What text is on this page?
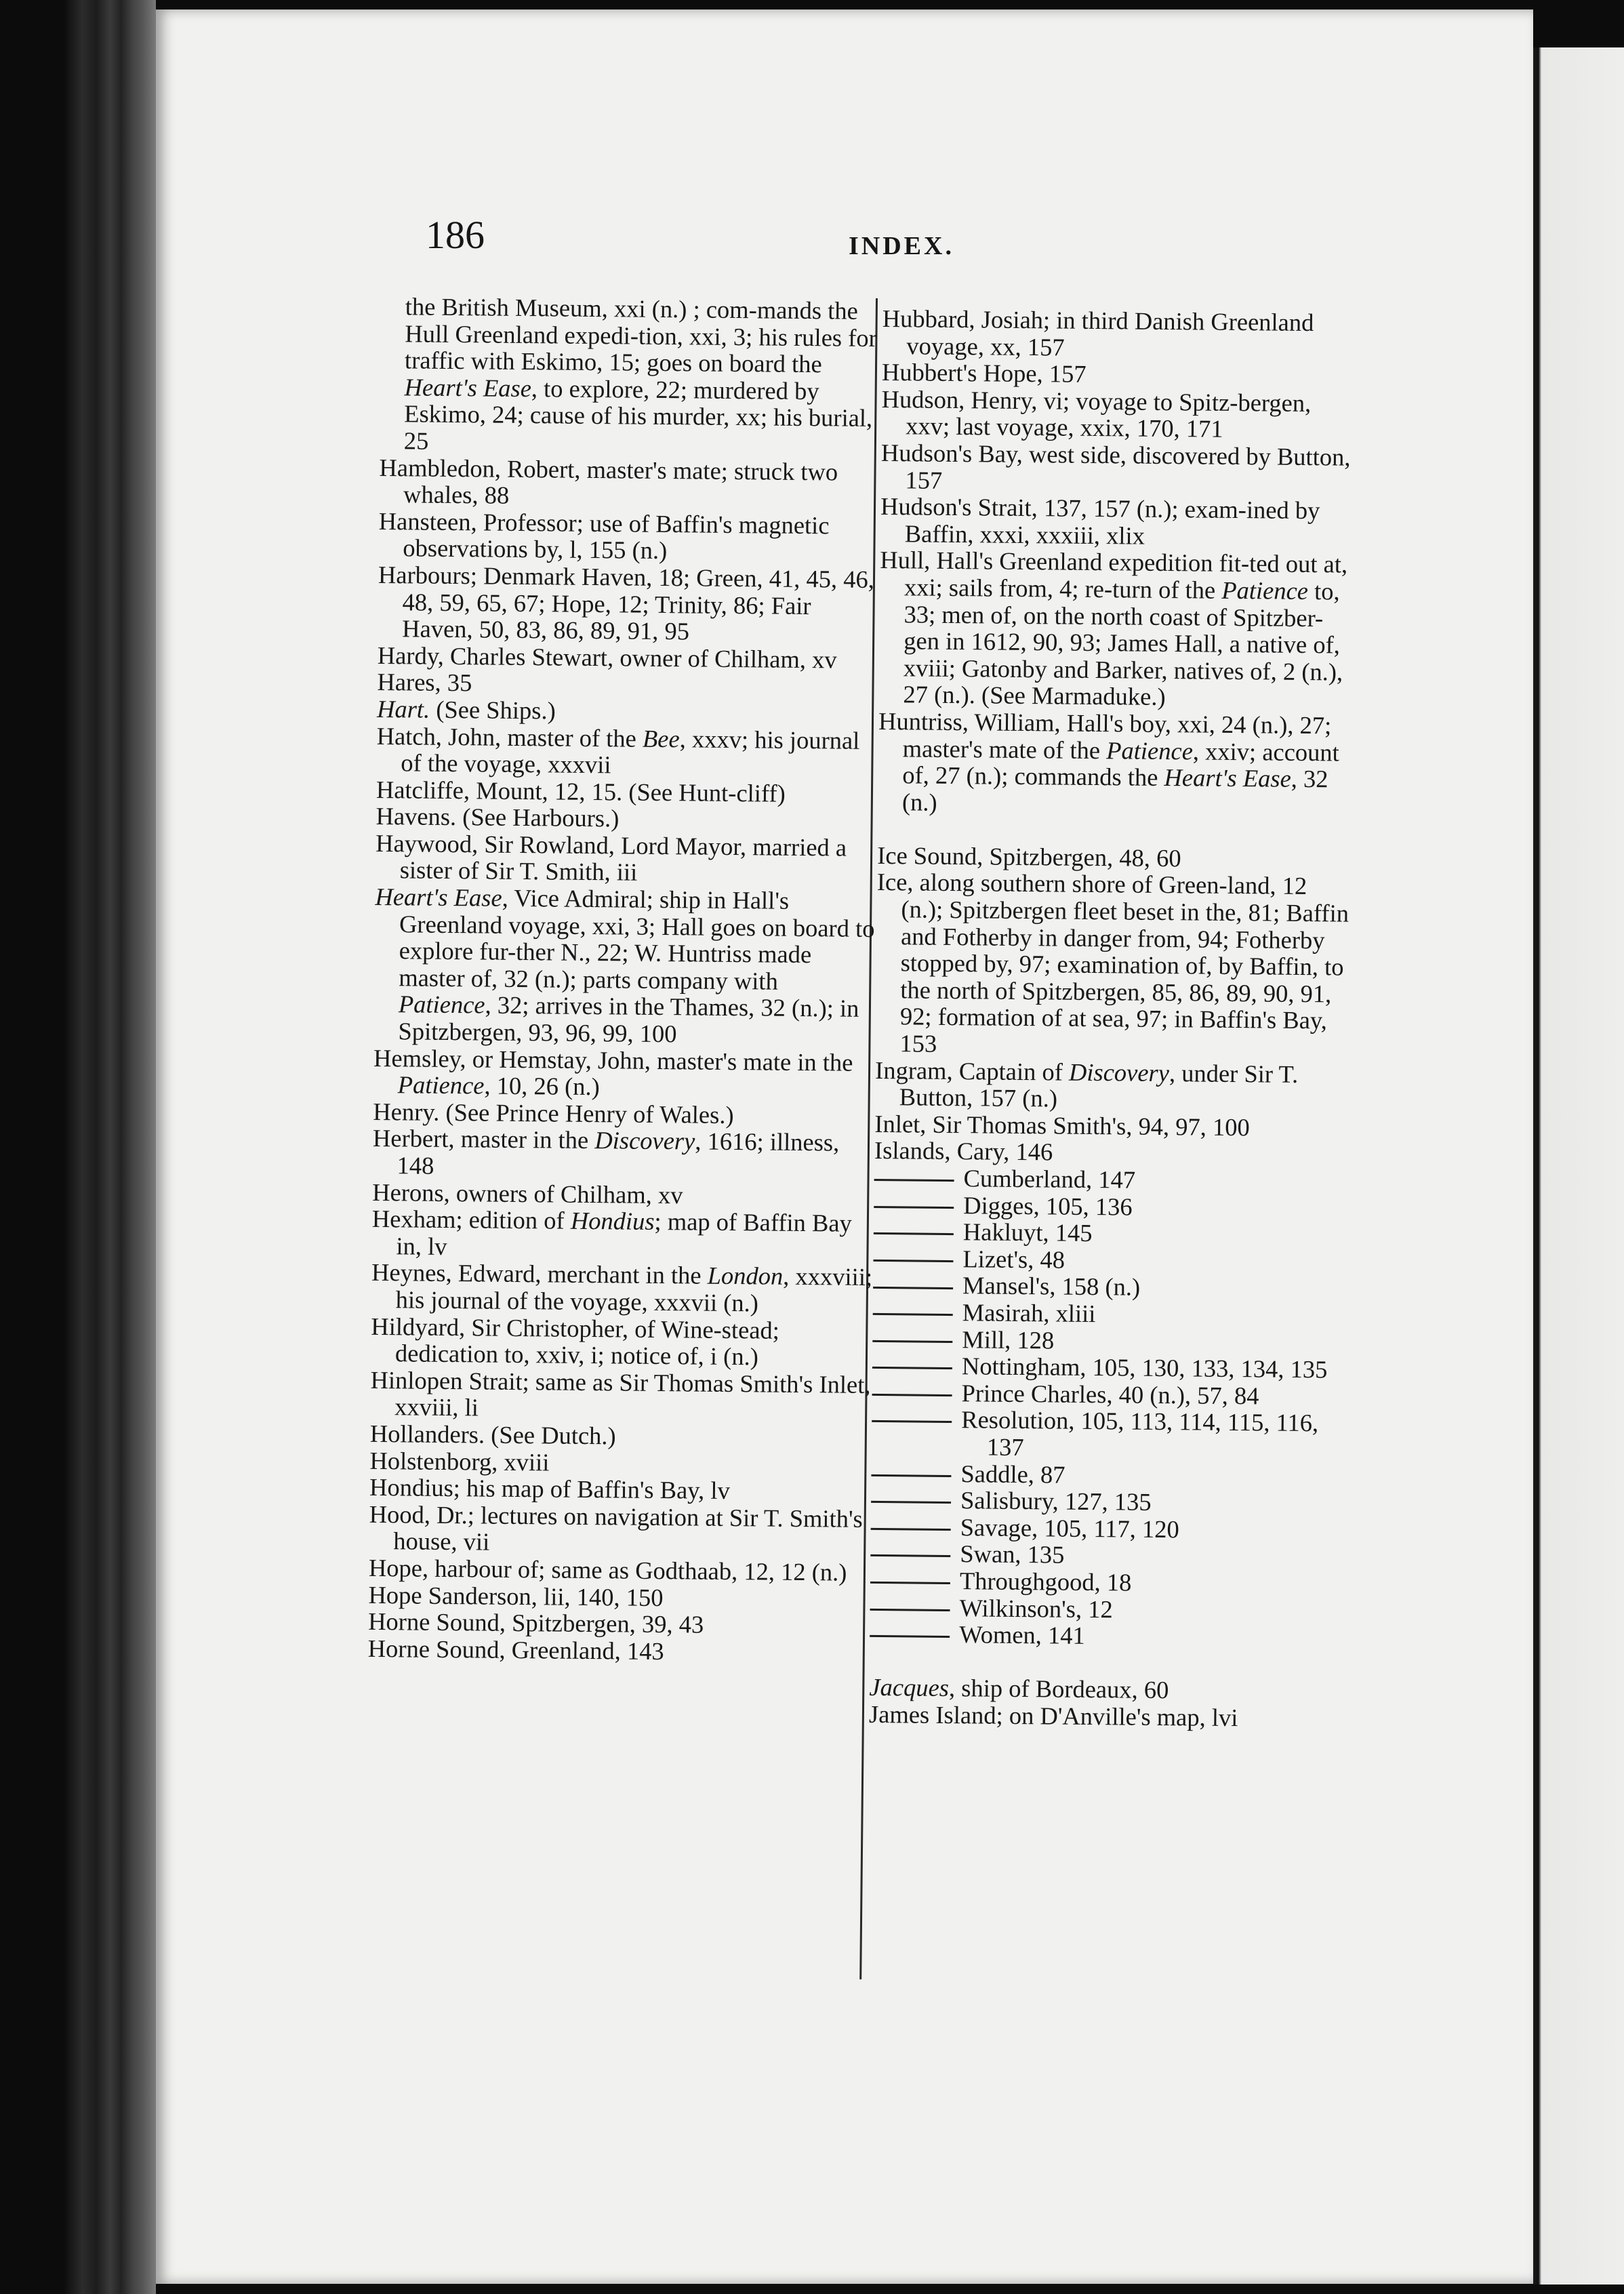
186	INDEX.
the British Museum, xxi (n.) ; com-mands the Hull Greenland expedi-tion, xxi, 3; his rules for traffic with Eskimo, 15; goes on board the Heart's Ease, to explore, 22; murdered by Eskimo, 24; cause of his murder, xx; his burial, 25
Hambledon, Robert, master's mate; struck two whales, 88
Hansteen, Professor; use of Baffin's magnetic observations by, l, 155 (n.)
Harbours; Denmark Haven, 18; Green, 41, 45, 46, 48, 59, 65, 67; Hope, 12; Trinity, 86; Fair Haven, 50, 83, 86, 89, 91, 95
Hardy, Charles Stewart, owner of Chilham, xv
Hares, 35
Hart. (See Ships.)
Hatch, John, master of the Bee, xxxv; his journal of the voyage, xxxvii
Hatcliffe, Mount, 12, 15. (See Hunt-cliff)
Havens. (See Harbours.)
Haywood, Sir Rowland, Lord Mayor, married a sister of Sir T. Smith, iii
Heart's Ease, Vice Admiral; ship in Hall's Greenland voyage, xxi, 3; Hall goes on board to explore fur-ther N., 22; W. Huntriss made master of, 32 (n.); parts company with Patience, 32; arrives in the Thames, 32 (n.); in Spitzbergen, 93, 96, 99, 100
Hemsley, or Hemstay, John, master's mate in the Patience, 10, 26 (n.)
Henry. (See Prince Henry of Wales.)
Herbert, master in the Discovery, 1616; illness, 148
Herons, owners of Chilham, xv
Hexham; edition of Hondius; map of Baffin Bay in, lv
Heynes, Edward, merchant in the London, xxxviii; his journal of the voyage, xxxvii (n.)
Hildyard, Sir Christopher, of Wine-stead; dedication to, xxiv, i; notice of, i (n.)
Hinlopen Strait; same as Sir Thomas Smith's Inlet, xxviii, li
Hollanders. (See Dutch.)
Holstenborg, xviii
Hondius; his map of Baffin's Bay, lv
Hood, Dr.; lectures on navigation at Sir T. Smith's house, vii
Hope, harbour of; same as Godthaab, 12, 12 (n.)
Hope Sanderson, lii, 140, 150
Horne Sound, Spitzbergen, 39, 43
Horne Sound, Greenland, 143
Hubbard, Josiah; in third Danish Greenland voyage, xx, 157
Hubbert's Hope, 157
Hudson, Henry, vi; voyage to Spitz-bergen, xxv; last voyage, xxix, 170, 171
Hudson's Bay, west side, discovered by Button, 157
Hudson's Strait, 137, 157 (n.); exam-ined by Baffin, xxxi, xxxiii, xlix
Hull, Hall's Greenland expedition fit-ted out at, xxi; sails from, 4; re-turn of the Patience to, 33; men of, on the north coast of Spitzber-gen in 1612, 90, 93; James Hall, a native of, xviii; Gatonby and Barker, natives of, 2 (n.), 27 (n.). (See Marmaduke.)
Huntriss, William, Hall's boy, xxi, 24 (n.), 27; master's mate of the Patience, xxiv; account of, 27 (n.); commands the Heart's Ease, 32 (n.)
Ice Sound, Spitzbergen, 48, 60
Ice, along southern shore of Green-land, 12 (n.); Spitzbergen fleet beset in the, 81; Baffin and Fotherby in danger from, 94; Fotherby stopped by, 97; examination of, by Baffin, to the north of Spitzbergen, 85, 86, 89, 90, 91, 92; formation of at sea, 97; in Baffin's Bay, 153
Ingram, Captain of Discovery, under Sir T. Button, 157 (n.)
Inlet, Sir Thomas Smith's, 94, 97, 100
Islands, Cary, 146
Cumberland, 147
Digges, 105, 136
Hakluyt, 145
Lizet's, 48
Mansel's, 158 (n.)
Masirah, xliii
Mill, 128
Nottingham, 105, 130, 133, 134, 135
Prince Charles, 40 (n.), 57, 84
Resolution, 105, 113, 114, 115, 116, 137
Saddle, 87
Salisbury, 127, 135
Savage, 105, 117, 120
Swan, 135
Throughgood, 18
Wilkinson's, 12
Women, 141
Jacques, ship of Bordeaux, 60
James Island; on D'Anville's map, lvi
